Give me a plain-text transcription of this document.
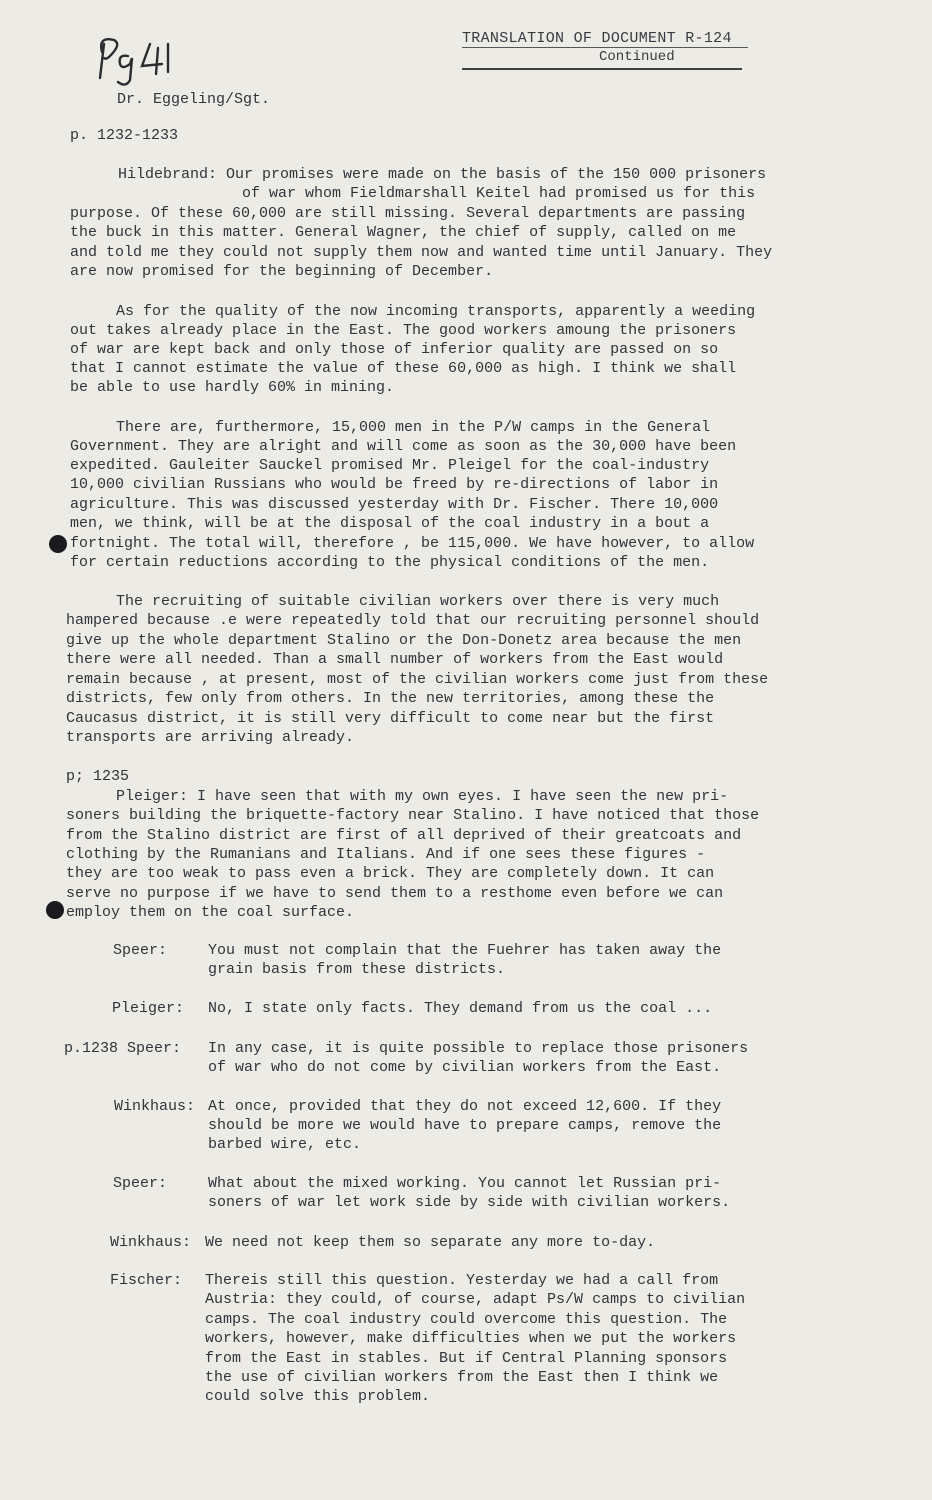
TRANSLATION OF DOCUMENT R-124
Continued
Dr. Eggeling/Sgt.
p. 1232-1233
Hildebrand: Our promises were made on the basis of the 150 000 prisoners
of war whom Fieldmarshall Keitel had promised us for this
purpose. Of these 60,000 are still missing. Several departments are passing
the buck in this matter. General Wagner, the chief of supply, called on me
and told me they could not supply them now and wanted time until January. They
are now promised for the beginning of December.
As for the quality of the now incoming transports, apparently a weeding
out takes already place in the East. The good workers amoung the prisoners
of war are kept back and only those of inferior quality are passed on so
that I cannot estimate the value of these 60,000 as high. I think we shall
be able to use hardly 60% in mining.
There are, furthermore, 15,000 men in the P/W camps in the General
Government. They are alright and will come as soon as the 30,000 have been
expedited. Gauleiter Sauckel promised Mr. Pleigel for the coal-industry
10,000 civilian Russians who would be freed by re-directions of labor in
agriculture. This was discussed yesterday with Dr. Fischer. There 10,000
men, we think, will be at the disposal of the coal industry in a bout a
fortnight. The total will, therefore , be 115,000. We have however, to allow
for certain reductions according to the physical conditions of the men.
The recruiting of suitable civilian workers over there is very much
hampered because .e were repeatedly told that our recruiting personnel should
give up the whole department Stalino or the Don-Donetz area because the men
there were all needed. Than a small number of workers from the East would
remain because , at present, most of the civilian workers come just from these
districts, few only from others. In the new territories, among these the
Caucasus district, it is still very difficult to come near but the first
transports are arriving already.
p; 1235
Pleiger: I have seen that with my own eyes. I have seen the new pri-
soners building the briquette-factory near Stalino. I have noticed that those
from the Stalino district are first of all deprived of their greatcoats and
clothing by the Rumanians and Italians. And if one sees these figures -
they are too weak to pass even a brick. They are completely down. It can
serve no purpose if we have to send them to a resthome even before we can
employ them on the coal surface.
Speer:	You must not complain that the Fuehrer has taken away the
grain basis from these districts.
Pleiger: No, I state only facts. They demand from us the coal ...
p.1238 Speer: In any case, it is quite possible to replace those prisoners
of war who do not come by civilian workers from the East.
Winkhaus: At once, provided that they do not exceed 12,600. If they
should be more we would have to prepare camps, remove the
barbed wire, etc.
Speer:	What about the mixed working. You cannot let Russian pri-
soners of war let work side by side with civilian workers.
Winkhaus: We need not keep them so separate any more to-day.
Fischer: Thereis still this question. Yesterday we had a call from
Austria: they could, of course, adapt Ps/W camps to civilian
camps. The coal industry could overcome this question. The
workers, however, make difficulties when we put the workers
from the East in stables. But if Central Planning sponsors
the use of civilian workers from the East then I think we
could solve this problem.
